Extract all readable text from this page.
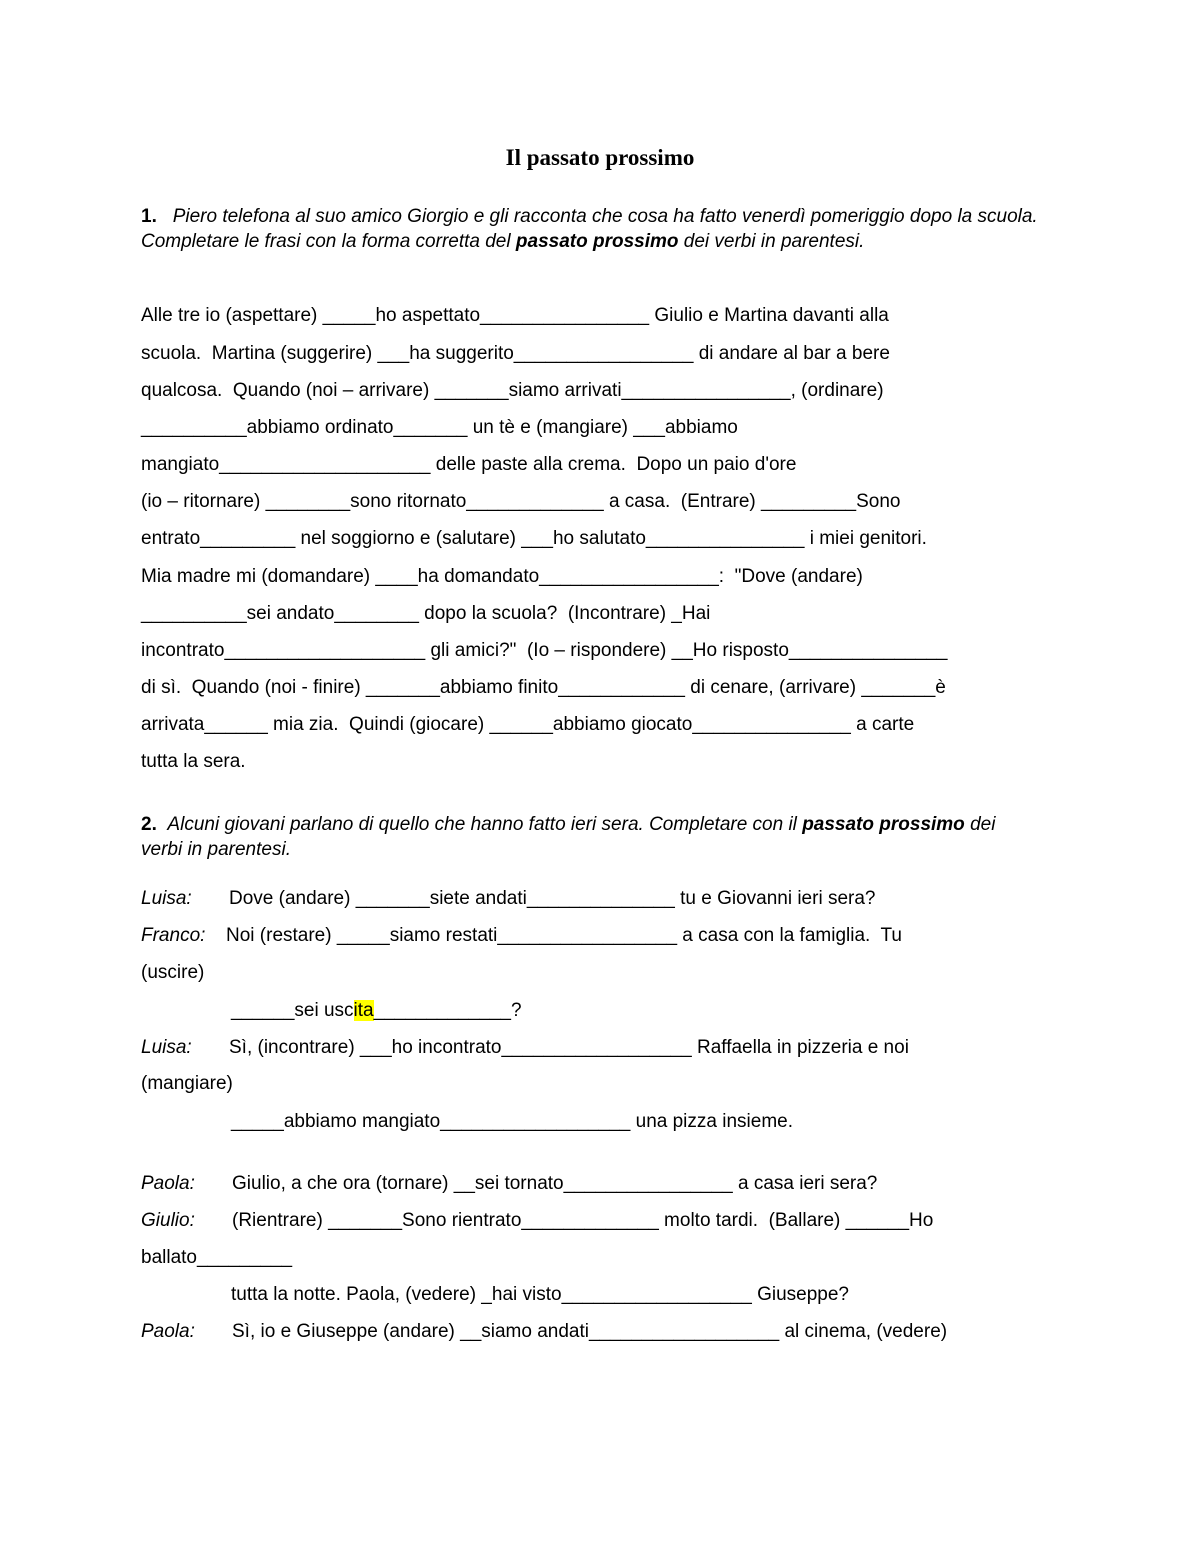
Il passato prossimo
1. Piero telefona al suo amico Giorgio e gli racconta che cosa ha fatto venerdì pomeriggio dopo la scuola. Completare le frasi con la forma corretta del passato prossimo dei verbi in parentesi.
Alle tre io (aspettare) _____ho aspettato________________ Giulio e Martina davanti alla
scuola.  Martina (suggerire) ___ha suggerito_________________ di andare al bar a bere
qualcosa.  Quando (noi – arrivare) _______siamo arrivati________________, (ordinare)
__________abbiamo ordinato_______ un tè e (mangiare) ___abbiamo
mangiato____________________ delle paste alla crema.  Dopo un paio d'ore
(io – ritornare) ________sono ritornato_____________ a casa.  (Entrare) _________Sono
entrato_________ nel soggiorno e (salutare) ___ho salutato_______________ i miei genitori.
Mia madre mi (domandare) ____ha domandato_________________:  "Dove (andare)
__________sei andato________ dopo la scuola?  (Incontrare) _Hai
incontrato___________________ gli amici?"  (Io – rispondere) __Ho risposto_______________
di sì.  Quando (noi - finire) _______abbiamo finito____________ di cenare, (arrivare) _______è
arrivata______ mia zia.  Quindi (giocare) ______abbiamo giocato_______________ a carte
tutta la sera.
2. Alcuni giovani parlano di quello che hanno fatto ieri sera. Completare con il passato prossimo dei verbi in parentesi.
Luisa: Dove (andare) _______siete andati______________ tu e Giovanni ieri sera?
Franco: Noi (restare) _____siamo restati_________________ a casa con la famiglia.  Tu
(uscire)
______sei uscita_____________?
Luisa: Sì, (incontrare) ___ho incontrato__________________ Raffaella in pizzeria e noi
(mangiare)
_____abbiamo mangiato__________________ una pizza insieme.
Paola: Giulio, a che ora (tornare) __sei tornato________________ a casa ieri sera?
Giulio: (Rientrare) _______Sono rientrato_____________ molto tardi.  (Ballare) ______Ho
ballato_________
tutta la notte. Paola, (vedere) _hai visto__________________ Giuseppe?
Paola: Sì, io e Giuseppe (andare) __siamo andati__________________ al cinema, (vedere)
